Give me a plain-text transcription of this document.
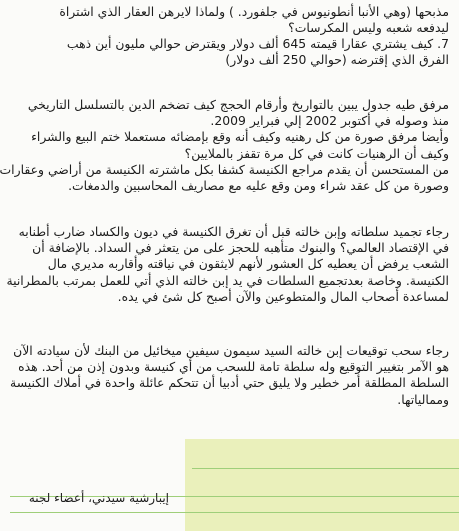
مذبحها (وهي الأنبا أنطونيوس في جلفورد. ) ولماذا لايرهن العقار الذي اشتراة
ليدفعه شعبه وليس المكرسات؟
7. كيف يشتري عقارا قيمته 645 ألف دولار ويقترض حوالي مليون أين ذهب
الفرق الذي إقترضه (حوالي 250 ألف دولار)
مرفق طيه جدول يبين بالتواريخ وأرقام الحجج كيف تضخم الدين بالتسلسل التاريخي
منذ وصوله في أكتوبر 2002 إلي فبراير 2009.
وأيضا مرفق صورة من كل رهنيه وكيف أنه وقع بإمضائه مستعملا ختم البيع والشراء
وكيف أن الرهنيات كانت في كل مرة تقفز بالملايين؟
من المستحسن أن يقدم مراجع الكنيسة كشفا بكل ماشترته الكنيسة من أراضي وعقارات
وصورة من كل عقد شراء ومن وقع عليه مع مصاريف المحاسبين والدمغات.
رجاء تجميد سلطاته وإبن خالته قبل أن تغرق الكنيسة في ديون والكساد ضارب أطنابه
في الإقتصاد العالمي؟ والبنوك متأهبه للحجز على من يتعثر في السداد. بالإضافة أن
الشعب يرفض أن يعطيه كل العشور لأنهم لايثقون في نياقته وأقاربه مديري مال
الكنيسة. وخاصة بعدتجميع السلطات في يد إبن خالته الذي أتي للعمل بمرتب بالمطرانية
لمساعدة أصحاب المال والمتطوعين والآن أصبح كل شئ في يده.
رجاء سحب توقيعات إبن خالته السيد سيمون سيفين ميخائيل من البنك لأن سيادته الآن
هو الآمر بتغيير التوقيع وله سلطة تامة للسحب من أي كنيسة وبدون إذن من أحد. هذه
السلطة المطلقة أمر خطير ولا يليق حتي أدبيا أن تتحكم عائلة واحدة في أملاك الكنيسة
وممالياتها.
إيبارشية سيدني، أعضاء لجنه
